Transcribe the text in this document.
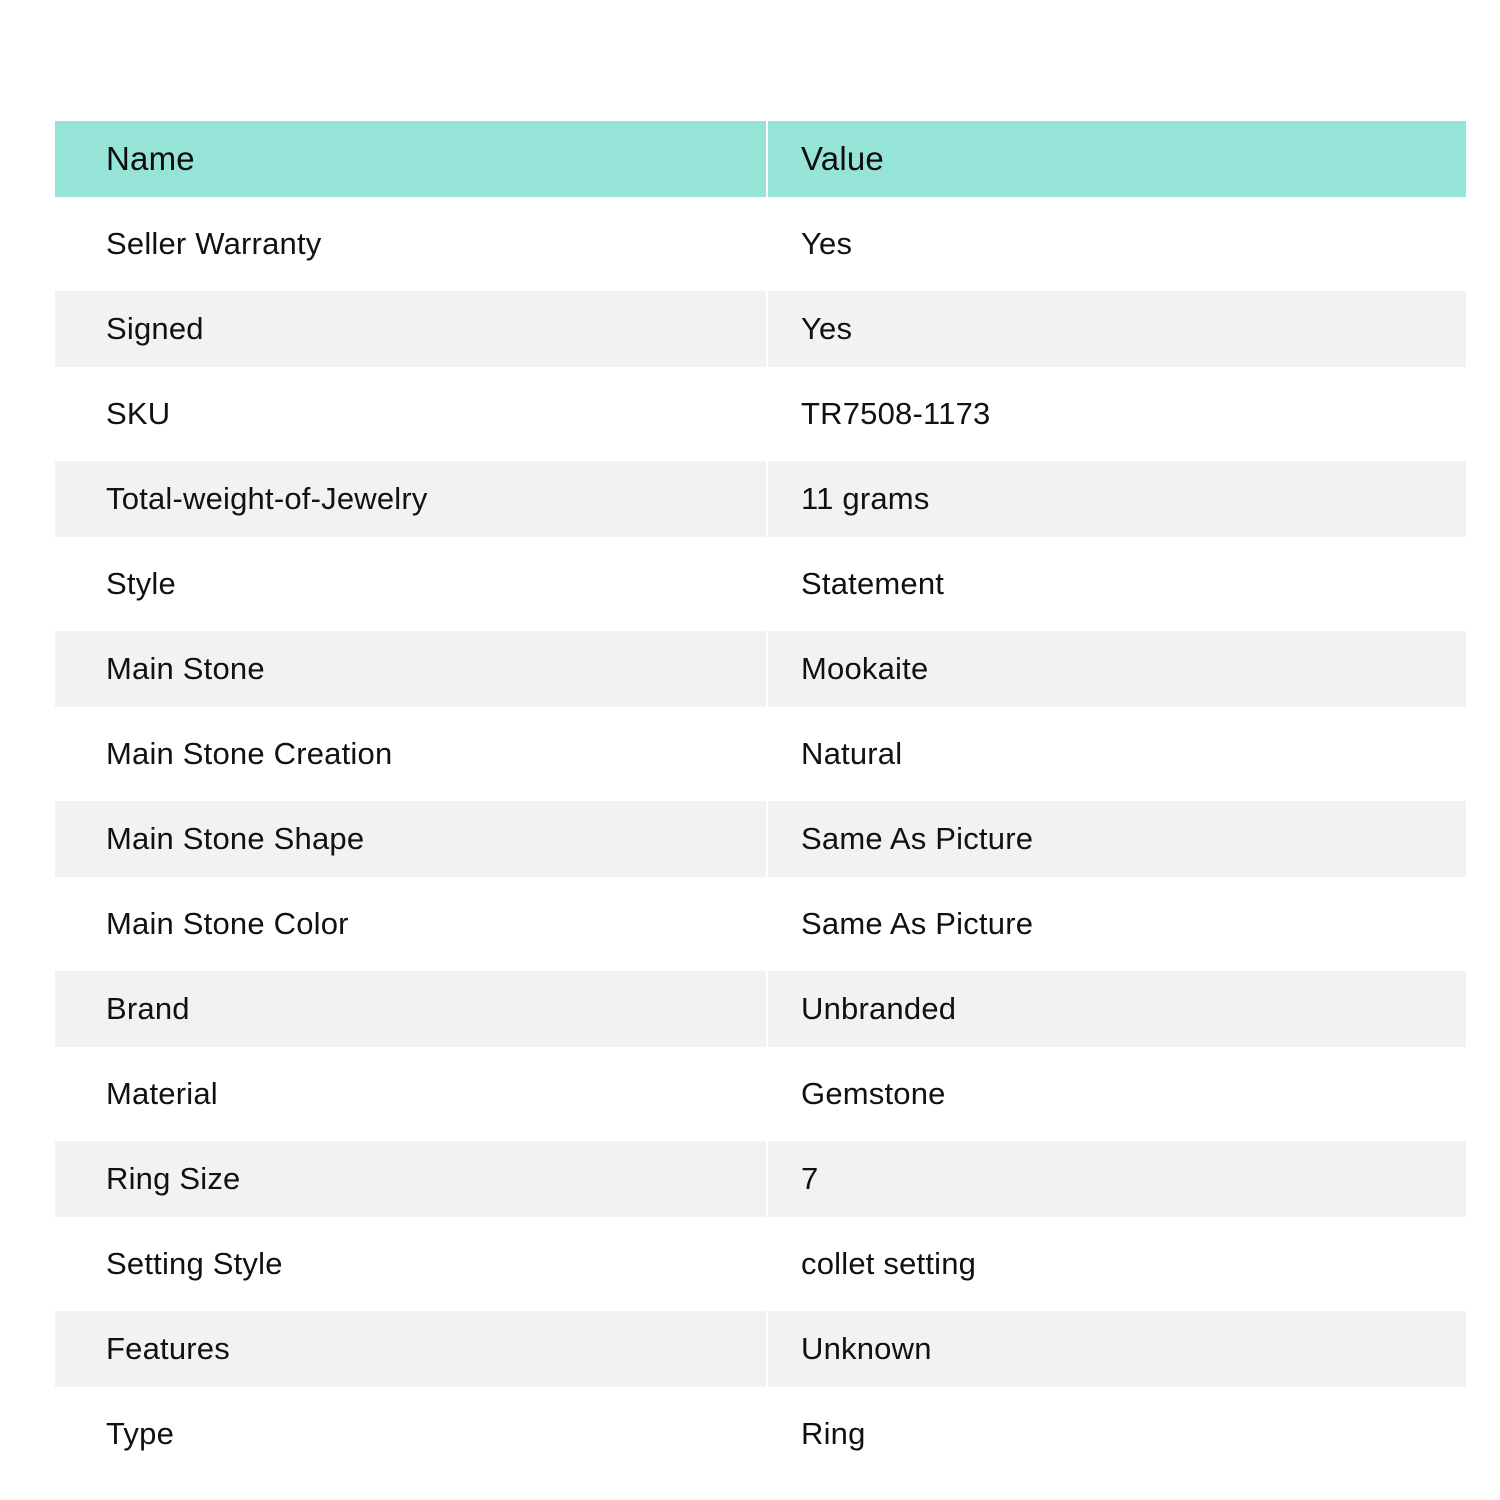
Name	Value
Seller Warranty	Yes
Signed	Yes
SKU	TR7508-1173
Total-weight-of-Jewelry	11 grams
Style	Statement
Main Stone	Mookaite
Main Stone Creation	Natural
Main Stone Shape	Same As Picture
Main Stone Color	Same As Picture
Brand	Unbranded
Material	Gemstone
Ring Size	7
Setting Style	collet setting
Features	Unknown
Type	Ring
